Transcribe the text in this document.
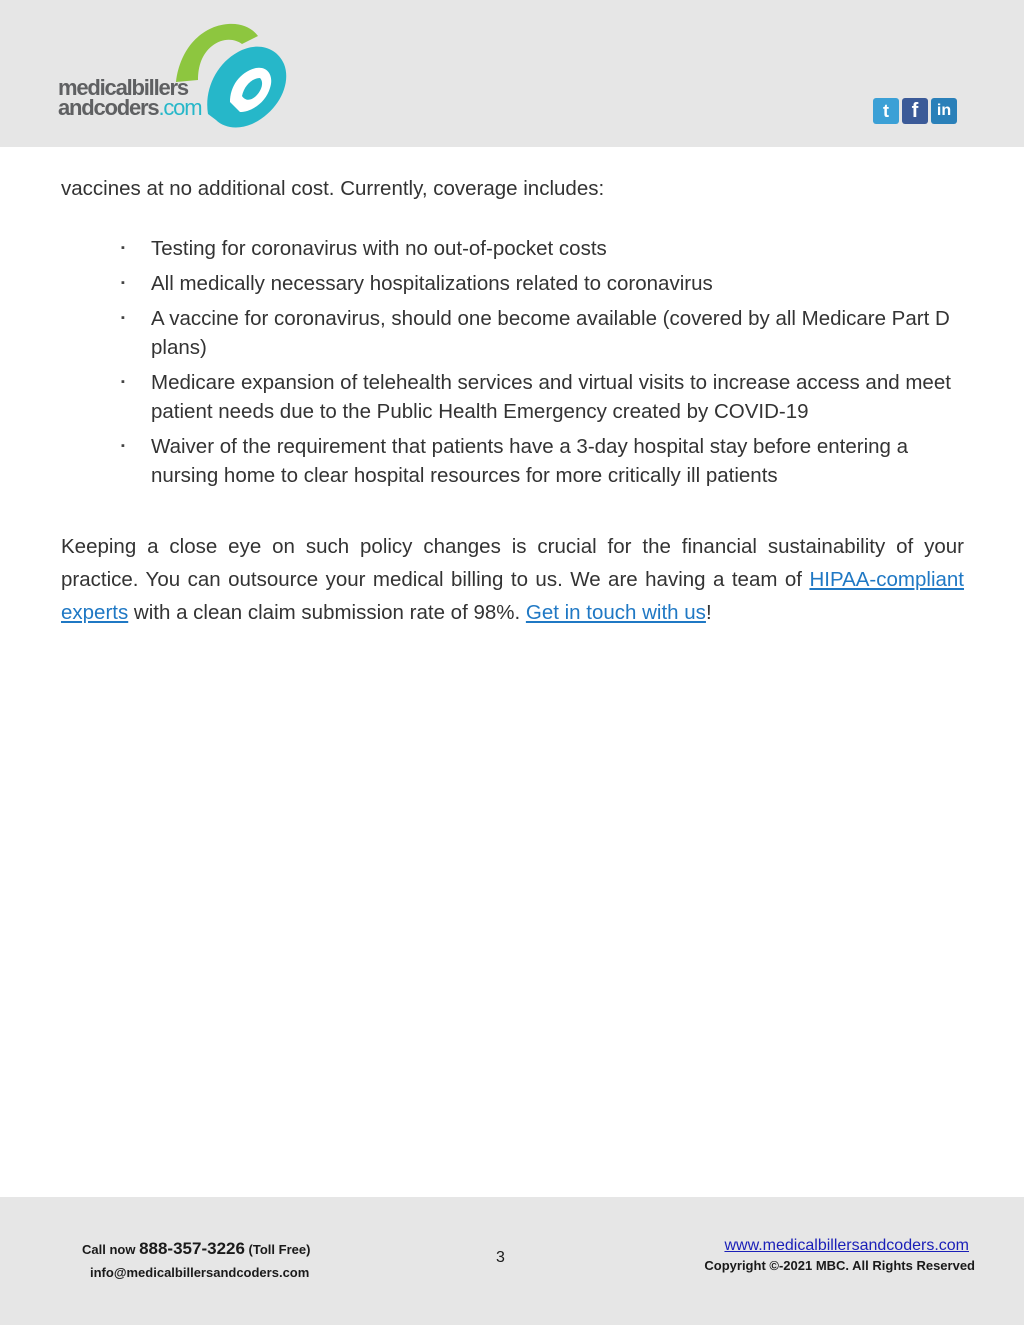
medicalbillers
andcoders.com	t	f	in

vaccines at no additional cost. Currently, coverage includes:

▪ Testing for coronavirus with no out-of-pocket costs
▪ All medically necessary hospitalizations related to coronavirus
▪ A vaccine for coronavirus, should one become available (covered by all Medicare Part D plans)
▪ Medicare expansion of telehealth services and virtual visits to increase access and meet patient needs due to the Public Health Emergency created by COVID-19
▪ Waiver of the requirement that patients have a 3-day hospital stay before entering a nursing home to clear hospital resources for more critically ill patients

Keeping a close eye on such policy changes is crucial for the financial sustainability of your practice. You can outsource your medical billing to us. We are having a team of HIPAA-compliant experts with a clean claim submission rate of 98%. Get in touch with us!

Call now 888-357-3226 (Toll Free)
info@medicalbillersandcoders.com
3
www.medicalbillersandcoders.com
Copyright ©-2021 MBC. All Rights Reserved
